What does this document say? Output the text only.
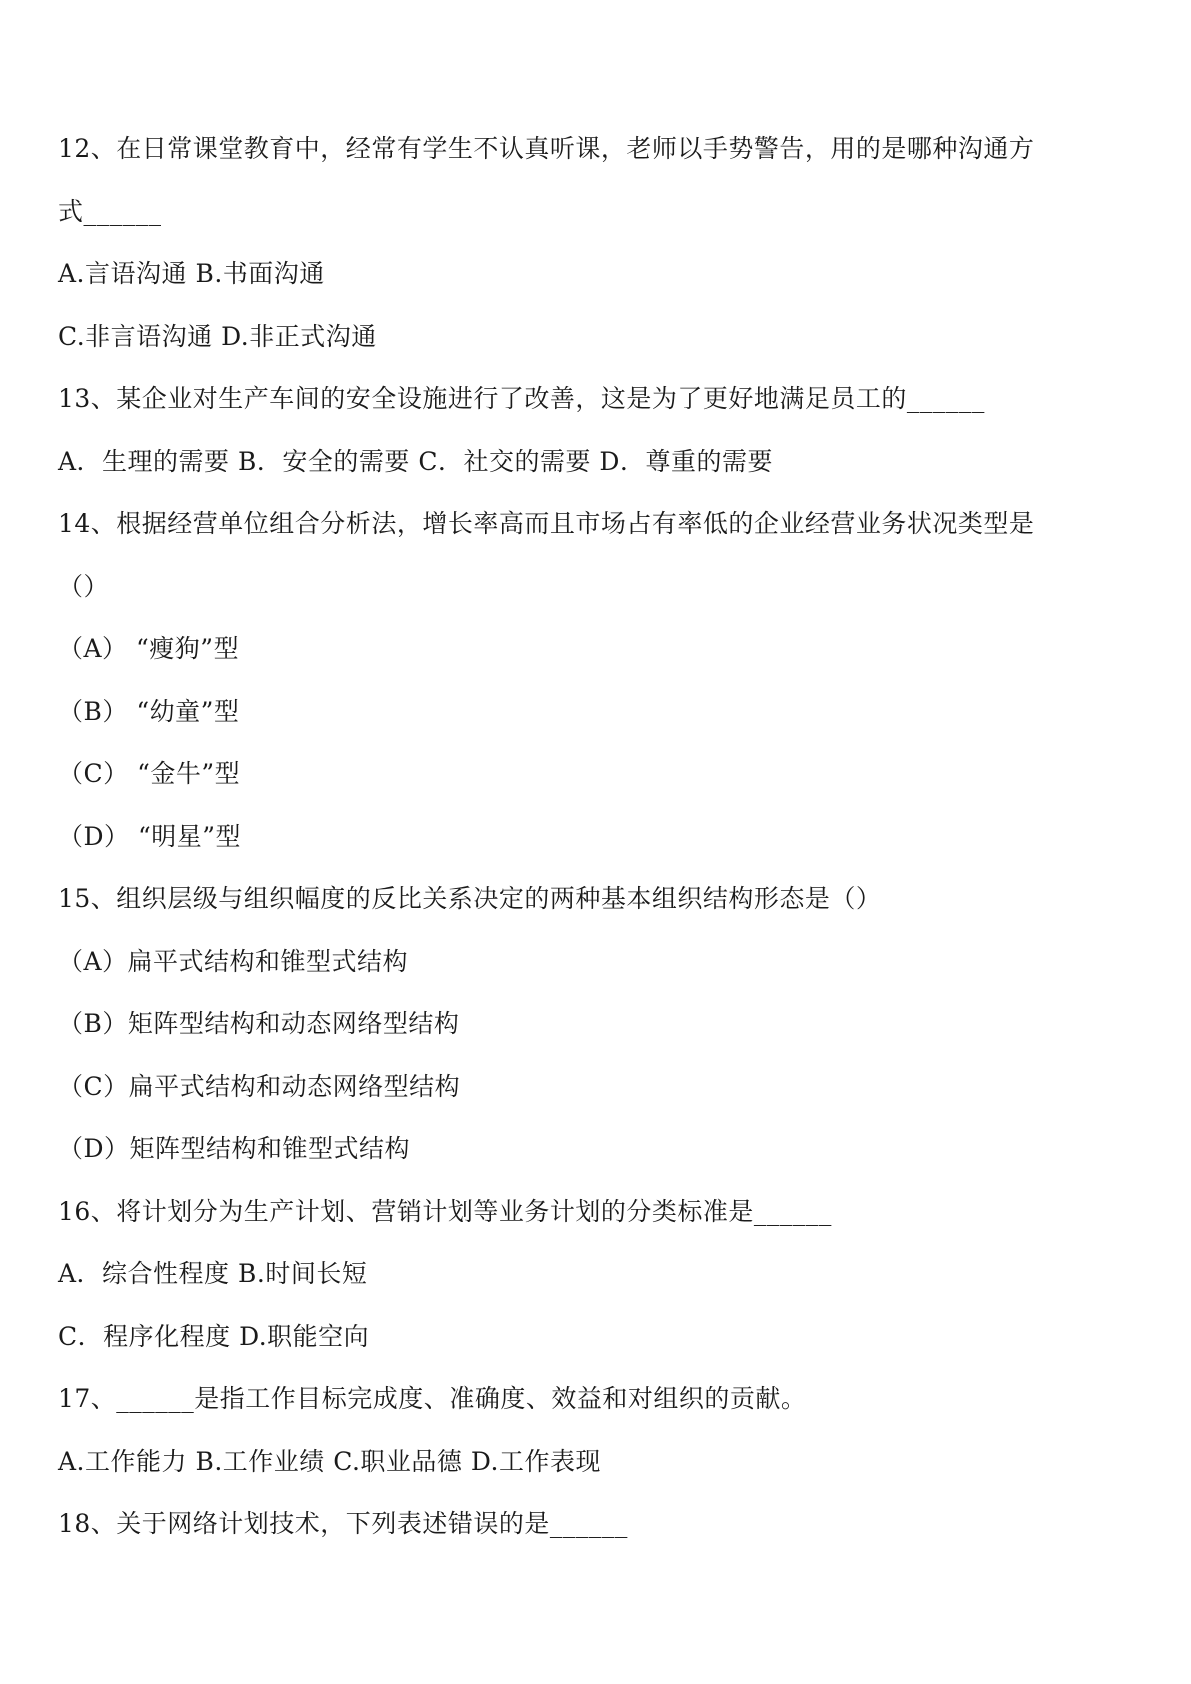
12、在日常课堂教育中，经常有学生不认真听课，老师以手势警告，用的是哪种沟通方
式______
A.言语沟通 B.书面沟通
C.非言语沟通 D.非正式沟通
13、某企业对生产车间的安全设施进行了改善，这是为了更好地满足员工的______
A．生理的需要 B．安全的需要 C．社交的需要 D．尊重的需要
14、根据经营单位组合分析法，增长率高而且市场占有率低的企业经营业务状况类型是
（）
（A） “瘦狗”型
（B） “幼童”型
（C） “金牛”型
（D） “明星”型
15、组织层级与组织幅度的反比关系决定的两种基本组织结构形态是（）
（A）扁平式结构和锥型式结构
（B）矩阵型结构和动态网络型结构
（C）扁平式结构和动态网络型结构
（D）矩阵型结构和锥型式结构
16、将计划分为生产计划、营销计划等业务计划的分类标准是______
A．综合性程度 B.时间长短
C．程序化程度 D.职能空向
17、______是指工作目标完成度、准确度、效益和对组织的贡献。
A.工作能力 B.工作业绩 C.职业品德 D.工作表现
18、关于网络计划技术，下列表述错误的是______
